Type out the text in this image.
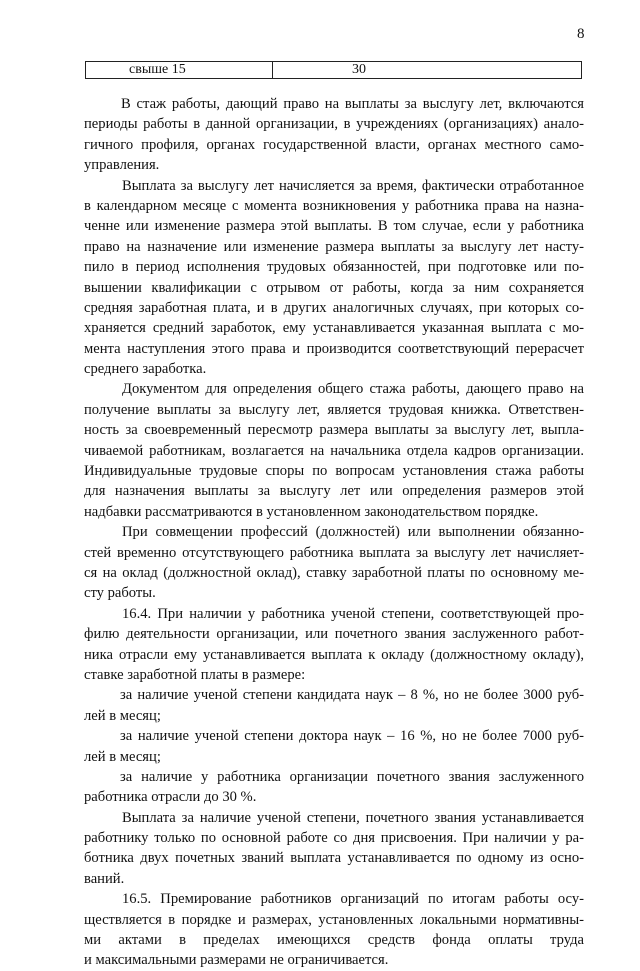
8
свыше 15	30
В стаж работы, дающий право на выплаты за выслугу лет, включаются
периоды работы в данной организации, в учреждениях (организациях) анало-
гичного профиля, органах государственной власти, органах местного само-
управления.
Выплата за выслугу лет начисляется за время, фактически отработанное
в календарном месяце с момента возникновения у работника права на назна-
ченне или изменение размера этой выплаты. В том случае, если у работника
право на назначение или изменение размера выплаты за выслугу лет насту-
пило в период исполнения трудовых обязанностей, при подготовке или по-
вышении квалификации с отрывом от работы, когда за ним сохраняется
средняя заработная плата, и в других аналогичных случаях, при которых со-
храняется средний заработок, ему устанавливается указанная выплата с мо-
мента наступления этого права и производится соответствующий перерасчет
среднего заработка.
Документом для определения общего стажа работы, дающего право на
получение выплаты за выслугу лет, является трудовая книжка. Ответствен-
ность за своевременный пересмотр размера выплаты за выслугу лет, выпла-
чиваемой работникам, возлагается на начальника отдела кадров организации.
Индивидуальные трудовые споры по вопросам установления стажа работы
для назначения выплаты за выслугу лет или определения размеров этой
надбавки рассматриваются в установленном законодательством порядке.
При совмещении профессий (должностей) или выполнении обязанно-
стей временно отсутствующего работника выплата за выслугу лет начисляет-
ся на оклад (должностной оклад), ставку заработной платы по основному ме-
сту работы.
16.4. При наличии у работника ученой степени, соответствующей про-
филю деятельности организации, или почетного звания заслуженного работ-
ника отрасли ему устанавливается выплата к окладу (должностному окладу),
ставке заработной платы в размере:
за наличие ученой степени кандидата наук – 8 %, но не более 3000 руб-
лей в месяц;
за наличие ученой степени доктора наук – 16 %, но не более 7000 руб-
лей в месяц;
за наличие у работника организации почетного звания заслуженного
работника отрасли до 30 %.
Выплата за наличие ученой степени, почетного звания устанавливается
работнику только по основной работе со дня присвоения. При наличии у ра-
ботника двух почетных званий выплата устанавливается по одному из осно-
ваний.
16.5. Премирование работников организаций по итогам работы осу-
ществляется в порядке и размерах, установленных локальными нормативны-
ми актами в пределах имеющихся средств фонда оплаты труда
и максимальными размерами не ограничивается.
